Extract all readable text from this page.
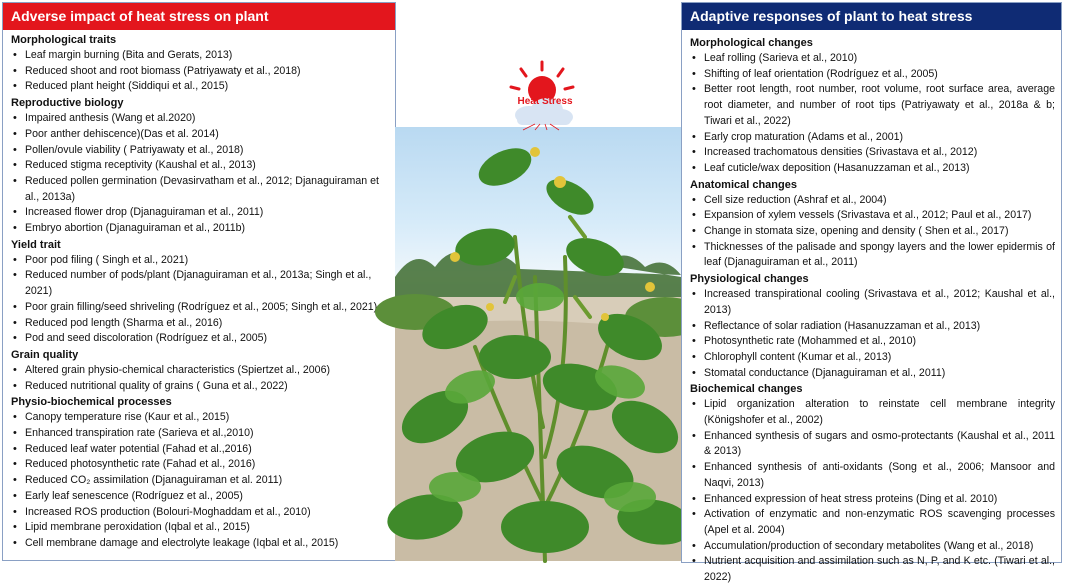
Adverse impact of heat stress on plant
Morphological traits
• Leaf margin burning (Bita and Gerats, 2013)
• Reduced shoot and root biomass (Patriyawaty et al., 2018)
• Reduced plant height (Siddiqui et al., 2015)
Reproductive biology
• Impaired anthesis (Wang et al.2020)
• Poor anther dehiscence)(Das et al. 2014)
• Pollen/ovule viability ( Patriyawaty et al., 2018)
• Reduced stigma receptivity (Kaushal et al., 2013)
• Reduced pollen germination (Devasirvatham et al., 2012; Djanaguiraman et al., 2013a)
• Increased flower drop (Djanaguiraman et al., 2011)
• Embryo abortion (Djanaguiraman et al., 2011b)
Yield trait
• Poor pod filing ( Singh et al., 2021)
• Reduced number of pods/plant (Djanaguiraman et al., 2013a; Singh et al., 2021)
• Poor grain filling/seed shriveling (Rodríguez et al., 2005; Singh et al., 2021)
• Reduced pod length (Sharma et al., 2016)
• Pod and seed discoloration (Rodríguez et al., 2005)
Grain quality
• Altered grain physio-chemical characteristics (Spiertzet al., 2006)
• Reduced nutritional quality of grains ( Guna et al., 2022)
Physio-biochemical processes
• Canopy temperature rise (Kaur et al., 2015)
• Enhanced transpiration rate (Sarieva et al.,2010)
• Reduced leaf water potential (Fahad et al.,2016)
• Reduced photosynthetic rate (Fahad et al., 2016)
• Reduced CO₂ assimilation (Djanaguiraman et al. 2011)
• Early leaf senescence (Rodríguez et al., 2005)
• Increased ROS production (Bolouri-Moghaddam et al., 2010)
• Lipid membrane peroxidation (Iqbal et al., 2015)
• Cell membrane damage and electrolyte leakage (Iqbal et al., 2015)
Heat Stress
Adaptive responses of plant to heat stress
Morphological changes
• Leaf rolling (Sarieva et al., 2010)
• Shifting of leaf orientation (Rodríguez et al., 2005)
• Better root length, root number, root volume, root surface area, average root diameter, and number of root tips (Patriyawaty et al., 2018a & b; Tiwari et al., 2022)
• Early crop maturation (Adams et al., 2001)
• Increased trachomatous densities (Srivastava et al., 2012)
• Leaf cuticle/wax deposition (Hasanuzzaman et al., 2013)
Anatomical changes
• Cell size reduction (Ashraf et al., 2004)
• Expansion of xylem vessels (Srivastava et al., 2012; Paul et al., 2017)
• Change in stomata size, opening and density ( Shen et al., 2017)
• Thicknesses of the palisade and spongy layers and the lower epidermis of leaf (Djanaguiraman et al., 2011)
Physiological changes
• Increased transpirational cooling (Srivastava et al., 2012; Kaushal et al., 2013)
• Reflectance of solar radiation (Hasanuzzaman et al., 2013)
• Photosynthetic rate (Mohammed et al., 2010)
• Chlorophyll content (Kumar et al., 2013)
• Stomatal conductance (Djanaguiraman et al., 2011)
Biochemical changes
• Lipid organization alteration to reinstate cell membrane integrity (Königshofer et al., 2002)
• Enhanced synthesis of sugars and osmo-protectants (Kaushal et al., 2011 & 2013)
• Enhanced synthesis of anti-oxidants (Song et al., 2006; Mansoor and Naqvi, 2013)
• Enhanced expression of heat stress proteins (Ding et al. 2010)
• Activation of enzymatic and non-enzymatic ROS scavenging processes (Apel et al. 2004)
• Accumulation/production of secondary metabolites (Wang et al., 2018)
• Nutrient acquisition and assimilation such as N, P, and K etc. (Tiwari et al., 2022)
